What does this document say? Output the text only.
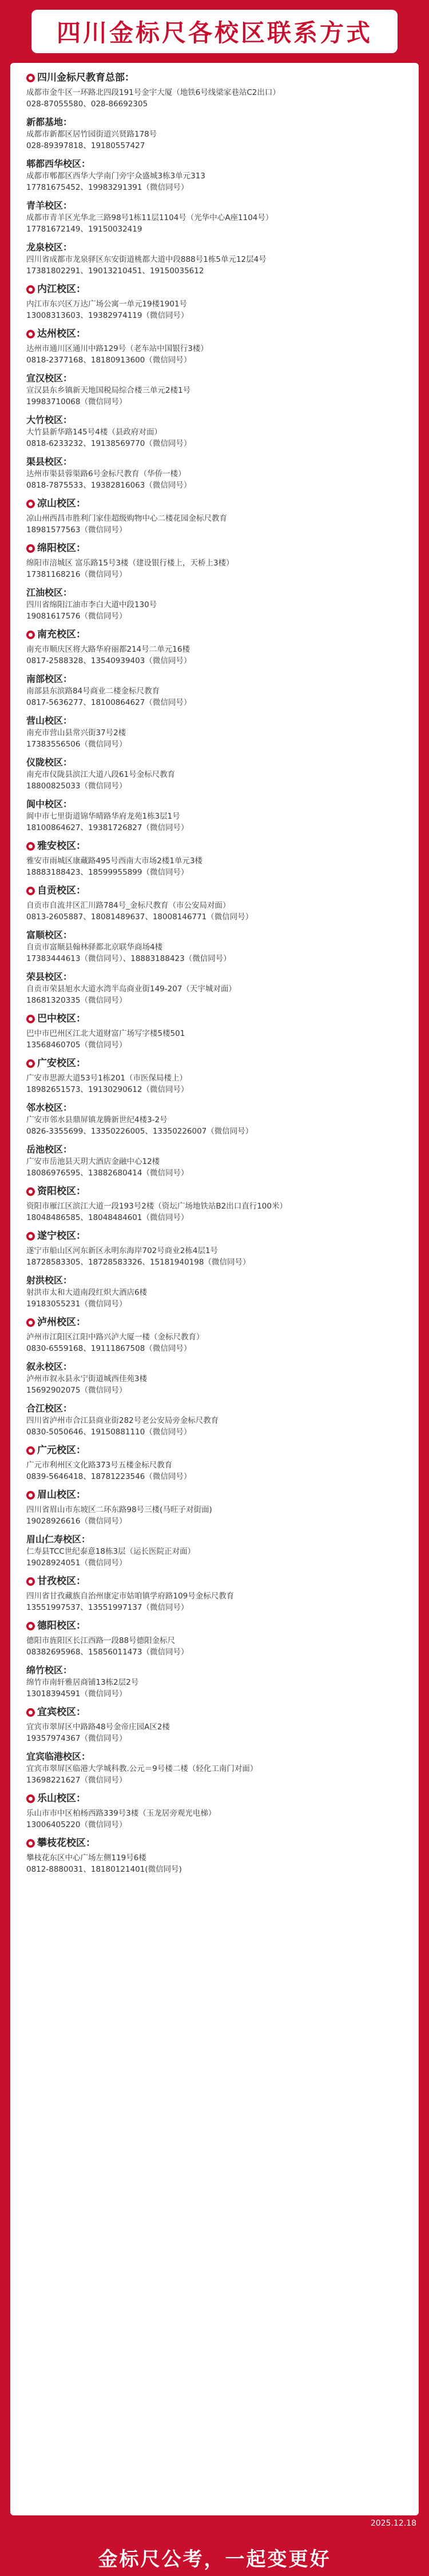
四川金标尺各校区联系方式
四川金标尺教育总部：
成都市金牛区一环路北四段191号金宇大厦（地铁6号线梁家巷站C2出口）
028-87055580、028-86692305
新都基地：
成都市新都区居竹园街道兴贤路178号
028-89397818、19180557427
郫都西华校区：
成都市郫都区西华大学南门旁宇众盛城3栋3单元313
17781675452、19983291391（微信同号）
青羊校区：
成都市青羊区光华北三路98号1栋11层1104号（光华中心A座1104号）
17781672149、19150032419
龙泉校区：
四川省成都市龙泉驿区东安街道桃都大道中段888号1栋5单元12层4号
17381802291、19013210451、19150035612
内江校区：
内江市东兴区万达广场公寓一单元19楼1901号
13008313603、19382974119（微信同号）
达州校区：
达州市通川区通川中路129号（老车站中国银行3楼）
0818-2377168、18180913600（微信同号）
宣汉校区：
宣汉县东乡镇新天地国税局综合楼三单元2楼1号
19983710068（微信同号）
大竹校区：
大竹县新华路145号4楼（县政府对面）
0818-6233232、19138569770（微信同号）
渠县校区：
达州市渠县蓉渠路6号金标尺教育（华侨一楼）
0818-7875533、19382816063（微信同号）
凉山校区：
凉山州西昌市胜利门家佳超级购物中心二楼花园金标尺教育
18981577563（微信同号）
绵阳校区：
绵阳市涪城区 富乐路15号3楼（建设银行楼上，天桥上3楼）
17381168216（微信同号）
江油校区：
四川省绵阳江油市李白大道中段130号
19081617576（微信同号）
南充校区：
南充市顺庆区将大路华府丽都214号二单元16楼
0817-2588328、13540939403（微信同号）
南部校区：
南部县东滨路84号商业二楼金标尺教育
0817-5636277、18100864627（微信同号）
营山校区：
南充市营山县常兴街37号2楼
17383556506（微信同号）
仪陇校区：
南充市仪陇县滨江大道八段61号金标尺教育
18800825033（微信同号）
阆中校区：
阆中市七里街道锦华晴路华府龙苑1栋3层1号
18100864627、19381726827（微信同号）
雅安校区：
雅安市雨城区康藏路495号西南大市场2楼1单元3楼
18883188423、18599955899（微信同号）
自贡校区：
自贡市自流井区汇川路784号_金标尺教育（市公安局对面）
0813-2605887、18081489637、18008146771（微信同号）
富顺校区：
自贡市富顺县翰林驿都北京联华商场4楼
17383444613（微信同号）、18883188423（微信同号）
荣县校区：
自贡市荣县旭水大道水湾半岛商业街149-207（天宇城对面）
18681320335（微信同号）
巴中校区：
巴中市巴州区江北大道财富广场写字楼5楼501
13568460705（微信同号）
广安校区：
广安市思源大道53号1栋201（市医保局楼上）
18982651573、19130290612（微信同号）
邻水校区：
广安市邻水县鼎屏镇龙腾新世纪4楼3-2号
0826-3355699、13350226005、13350226007（微信同号）
岳池校区：
广安市岳池县天玥大酒店金融中心12楼
18086976595、13882680414（微信同号）
资阳校区：
资阳市雁江区滨江大道一段193号2楼（资坛广场地铁站B2出口直行100米）
18048486585、18048484601（微信同号）
遂宁校区：
遂宁市船山区河东新区永明东海岸702号商业2栋4层1号
18728583305、18728583326、15181940198（微信同号）
射洪校区：
射洪市太和大道南段红炽大酒店6楼
19183055231（微信同号）
泸州校区：
泸州市江阳区江阳中路兴泸大厦一楼（金标尺教育）
0830-6559168、19111867508（微信同号）
叙永校区：
泸州市叙永县永宁街道城西佳苑3楼
15692902075（微信同号）
合江校区：
四川省泸州市合江县商业街282号老公安局旁金标尺教育
0830-5050646、19150881110（微信同号）
广元校区：
广元市利州区文化路373号五楼金标尺教育
0839-5646418、18781223546（微信同号）
眉山校区：
四川省眉山市东坡区二环东路98号三楼(马旺子对街面)
19028926616（微信同号）
眉山仁寿校区：
仁寿县TCC世纪泰意18栋3层（运长医院正对面）
19028924051（微信同号）
甘孜校区：
四川省甘孜藏族自治州康定市姑咱镇学府路109号金标尺教育
13551997537、13551997137（微信同号）
德阳校区：
德阳市旌阳区长江西路一段88号德阳金标尺
08382695968、15856011473（微信同号）
绵竹校区：
绵竹市南轩雅居商铺13栋2层2号
13018394591（微信同号）
宜宾校区：
宜宾市翠屏区中路路48号金帝庄园A区2楼
19357974367（微信同号）
宜宾临港校区：
宜宾市翠屏区临港大学城科教.公元＝9号楼二楼（轻化工南门对面）
13698221627（微信同号）
乐山校区：
乐山市市中区柏杨西路339号3楼（玉龙居旁观光电梯）
13006405220（微信同号）
攀枝花校区：
攀枝花东区中心广场左侧119号6楼
0812-8880031、18180121401(微信同号)
2025.12.18
金标尺公考，一起变更好
